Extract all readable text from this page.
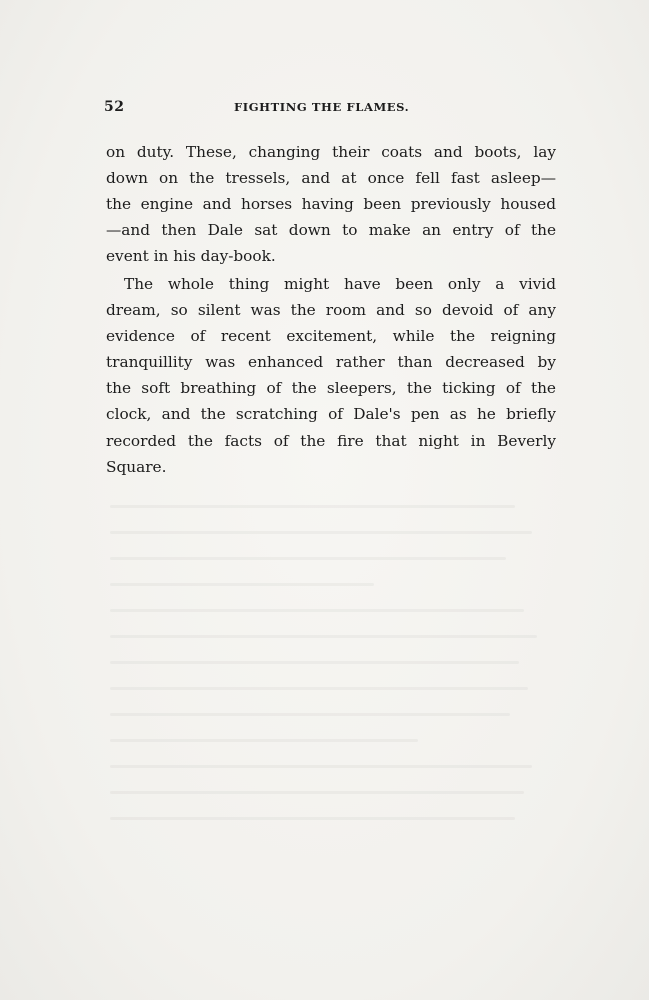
52	FIGHTING THE FLAMES.
on duty. These, changing their coats and boots, lay
down on the tressels, and at once fell fast asleep—
the engine and horses having been previously housed
—and then Dale sat down to make an entry of the
event in his day-book.
The whole thing might have been only a vivid
dream, so silent was the room and so devoid of any
evidence of recent excitement, while the reigning
tranquillity was enhanced rather than decreased by
the soft breathing of the sleepers, the ticking of the
clock, and the scratching of Dale's pen as he briefly
recorded the facts of the fire that night in Beverly
Square.
